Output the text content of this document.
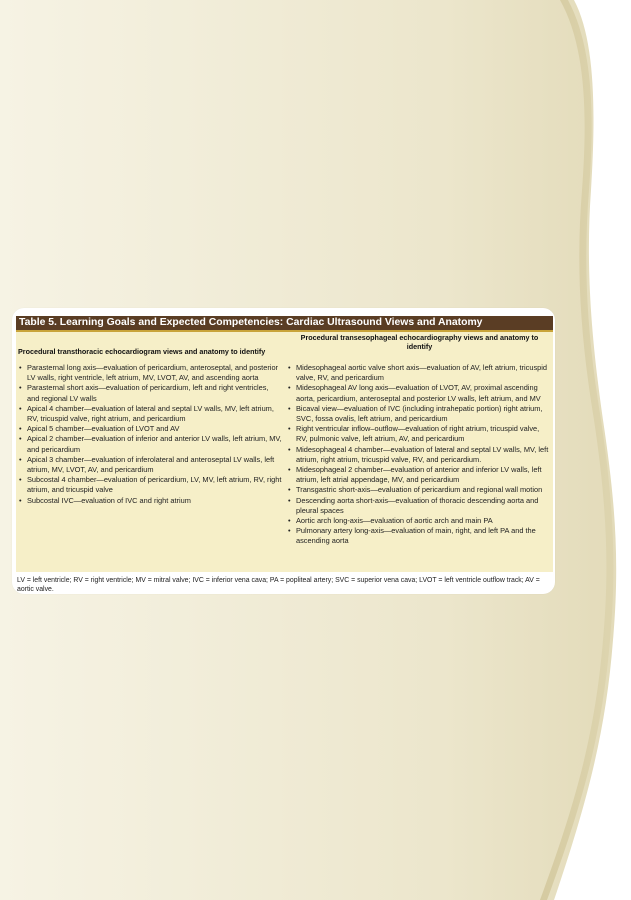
Table 5. Learning Goals and Expected Competencies: Cardiac Ultrasound Views and Anatomy
Procedural transthoracic echocardiogram views and anatomy to identify
• Parasternal long axis—evaluation of pericardium, anteroseptal, and posterior LV walls, right ventricle, left atrium, MV, LVOT, AV, and ascending aorta
• Parasternal short axis—evaluation of pericardium, left and right ventricles, and regional LV walls
• Apical 4 chamber—evaluation of lateral and septal LV walls, MV, left atrium, RV, tricuspid valve, right atrium, and pericardium
• Apical 5 chamber—evaluation of LVOT and AV
• Apical 2 chamber—evaluation of inferior and anterior LV walls, left atrium, MV, and pericardium
• Apical 3 chamber—evaluation of inferolateral and anteroseptal LV walls, left atrium, MV, LVOT, AV, and pericardium
• Subcostal 4 chamber—evaluation of pericardium, LV, MV, left atrium, RV, right atrium, and tricuspid valve
• Subcostal IVC—evaluation of IVC and right atrium
Procedural transesophageal echocardiography views and anatomy to identify
• Midesophageal aortic valve short axis—evaluation of AV, left atrium, tricuspid valve, RV, and pericardium
• Midesophageal AV long axis—evaluation of LVOT, AV, proximal ascending aorta, pericardium, anteroseptal and posterior LV walls, left atrium, and MV
• Bicaval view—evaluation of IVC (including intrahepatic portion) right atrium, SVC, fossa ovalis, left atrium, and pericardium
• Right ventricular inflow–outflow—evaluation of right atrium, tricuspid valve, RV, pulmonic valve, left atrium, AV, and pericardium
• Midesophageal 4 chamber—evaluation of lateral and septal LV walls, MV, left atrium, right atrium, tricuspid valve, RV, and pericardium.
• Midesophageal 2 chamber—evaluation of anterior and inferior LV walls, left atrium, left atrial appendage, MV, and pericardium
• Transgastric short-axis—evaluation of pericardium and regional wall motion
• Descending aorta short-axis—evaluation of thoracic descending aorta and pleural spaces
• Aortic arch long-axis—evaluation of aortic arch and main PA
• Pulmonary artery long-axis—evaluation of main, right, and left PA and the ascending aorta
LV = left ventricle; RV = right ventricle; MV = mitral valve; IVC = inferior vena cava; PA = popliteal artery; SVC = superior vena cava; LVOT = left ventricle outflow track; AV = aortic valve.
